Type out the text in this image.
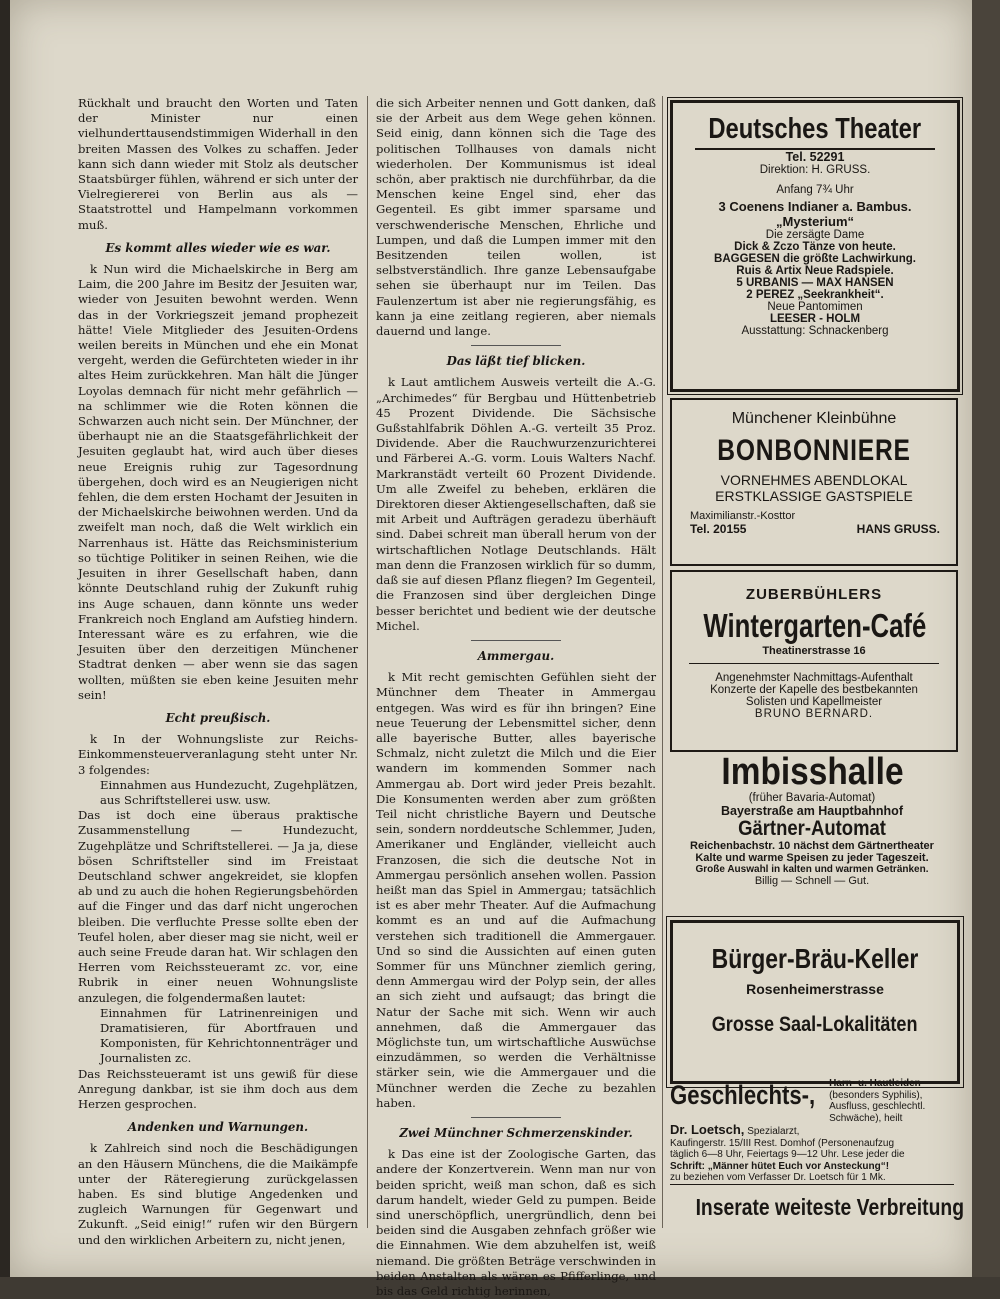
Rückhalt und braucht den Worten und Taten der Minister nur einen vielhunderttausendstimmigen Widerhall in den breiten Massen des Volkes zu schaffen. Jeder kann sich dann wieder mit Stolz als deutscher Staatsbürger fühlen, während er sich unter der Vielregiererei von Berlin aus als — Staatstrottel und Hampelmann vorkommen muß.

Es kommt alles wieder wie es war.

k Nun wird die Michaelskirche in Berg am Laim, die 200 Jahre im Besitz der Jesuiten war, wieder von Jesuiten bewohnt werden. Wenn das in der Vorkriegszeit jemand prophezeit hätte! Viele Mitglieder des Jesuiten-Ordens weilen bereits in München und ehe ein Monat vergeht, werden die Gefürchteten wieder in ihr altes Heim zurückkehren. Man hält die Jünger Loyolas demnach für nicht mehr gefährlich — na schlimmer wie die Roten können die Schwarzen auch nicht sein. Der Münchner, der überhaupt nie an die Staatsgefährlichkeit der Jesuiten geglaubt hat, wird auch über dieses neue Ereignis ruhig zur Tagesordnung übergehen, doch wird es an Neugierigen nicht fehlen, die dem ersten Hochamt der Jesuiten in der Michaelskirche beiwohnen werden. Und da zweifelt man noch, daß die Welt wirklich ein Narrenhaus ist. Hätte das Reichsministerium so tüchtige Politiker in seinen Reihen, wie die Jesuiten in ihrer Gesellschaft haben, dann könnte Deutschland ruhig der Zukunft ruhig ins Auge schauen, dann könnte uns weder Frankreich noch England am Aufstieg hindern. Interessant wäre es zu erfahren, wie die Jesuiten über den derzeitigen Münchener Stadtrat denken — aber wenn sie das sagen wollten, müßten sie eben keine Jesuiten mehr sein!

Echt preußisch.

k In der Wohnungsliste zur Reichs-Einkommensteuerveranlagung steht unter Nr. 3 folgendes:

Einnahmen aus Hundezucht, Zugehplätzen, aus Schriftstellerei usw. usw.

Das ist doch eine überaus praktische Zusammenstellung — Hundezucht, Zugehplätze und Schriftstellerei. — Ja ja, diese bösen Schriftsteller sind im Freistaat Deutschland schwer angekreidet, sie klopfen ab und zu auch die hohen Regierungsbehörden auf die Finger und das darf nicht ungerochen bleiben. Die verfluchte Presse sollte eben der Teufel holen, aber dieser mag sie nicht, weil er auch seine Freude daran hat. Wir schlagen den Herren vom Reichssteueramt zc. vor, eine Rubrik in einer neuen Wohnungsliste anzulegen, die folgendermaßen lautet:

Einnahmen für Latrinenreinigen und Dramatisieren, für Abortfrauen und Komponisten, für Kehrichtonnenträger und Journalisten zc.

Das Reichssteueramt ist uns gewiß für diese Anregung dankbar, ist sie ihm doch aus dem Herzen gesprochen.

Andenken und Warnungen.

k Zahlreich sind noch die Beschädigungen an den Häusern Münchens, die die Maikämpfe unter der Räteregierung zurückgelassen haben. Es sind blutige Angedenken und zugleich Warnungen für Gegenwart und Zukunft. „Seid einig!“ rufen wir den Bürgern und den wirklichen Arbeitern zu, nicht jenen,

die sich Arbeiter nennen und Gott danken, daß sie der Arbeit aus dem Wege gehen können. Seid einig, dann können sich die Tage des politischen Tollhauses von damals nicht wiederholen. Der Kommunismus ist ideal schön, aber praktisch nie durchführbar, da die Menschen keine Engel sind, eher das Gegenteil. Es gibt immer sparsame und verschwenderische Menschen, Ehrliche und Lumpen, und daß die Lumpen immer mit den Besitzenden teilen wollen, ist selbstverständlich. Ihre ganze Lebensaufgabe sehen sie überhaupt nur im Teilen. Das Faulenzertum ist aber nie regierungsfähig, es kann ja eine zeitlang regieren, aber niemals dauernd und lange.

Das läßt tief blicken.

k Laut amtlichem Ausweis verteilt die A.-G. „Archimedes“ für Bergbau und Hüttenbetrieb 45 Prozent Dividende. Die Sächsische Gußstahlfabrik Döhlen A.-G. verteilt 35 Proz. Dividende. Aber die Rauchwurzenzurichterei und Färberei A.-G. vorm. Louis Walters Nachf. Markranstädt verteilt 60 Prozent Dividende. Um alle Zweifel zu beheben, erklären die Direktoren dieser Aktiengesellschaften, daß sie mit Arbeit und Aufträgen geradezu überhäuft sind. Dabei schreit man überall herum von der wirtschaftlichen Notlage Deutschlands. Hält man denn die Franzosen wirklich für so dumm, daß sie auf diesen Pflanz fliegen? Im Gegenteil, die Franzosen sind über dergleichen Dinge besser berichtet und bedient wie der deutsche Michel.

Ammergau.

k Mit recht gemischten Gefühlen sieht der Münchner dem Theater in Ammergau entgegen. Was wird es für ihn bringen? Eine neue Teuerung der Lebensmittel sicher, denn alle bayerische Butter, alles bayerische Schmalz, nicht zuletzt die Milch und die Eier wandern im kommenden Sommer nach Ammergau ab. Dort wird jeder Preis bezahlt. Die Konsumenten werden aber zum größten Teil nicht christliche Bayern und Deutsche sein, sondern norddeutsche Schlemmer, Juden, Amerikaner und Engländer, vielleicht auch Franzosen, die sich die deutsche Not in Ammergau persönlich ansehen wollen. Passion heißt man das Spiel in Ammergau; tatsächlich ist es aber mehr Theater. Auf die Aufmachung kommt es an und auf die Aufmachung verstehen sich traditionell die Ammergauer. Und so sind die Aussichten auf einen guten Sommer für uns Münchner ziemlich gering, denn Ammergau wird der Polyp sein, der alles an sich zieht und aufsaugt; das bringt die Natur der Sache mit sich. Wenn wir auch annehmen, daß die Ammergauer das Möglichste tun, um wirtschaftliche Auswüchse einzudämmen, so werden die Verhältnisse stärker sein, wie die Ammergauer und die Münchner werden die Zeche zu bezahlen haben.

Zwei Münchner Schmerzenskinder.

k Das eine ist der Zoologische Garten, das andere der Konzertverein. Wenn man nur von beiden spricht, weiß man schon, daß es sich darum handelt, wieder Geld zu pumpen. Beide sind unerschöpflich, unergründlich, denn bei beiden sind die Ausgaben zehnfach größer wie die Einnahmen. Wie dem abzuhelfen ist, weiß niemand. Die größten Beträge verschwinden in beiden Anstalten als wären es Pfifferlinge, und bis das Geld richtig herinnen,

Deutsches Theater
Tel. 52291
Direktion: H. GRUSS.
Anfang 7¾ Uhr
3 Coenens Indianer a. Bambus.
„Mysterium“
Die zersägte Dame
Dick & Zczo Tänze von heute.
BAGGESEN die größte Lachwirkung.
Ruis & Artix Neue Radspiele.
5 URBANIS — MAX HANSEN
2 PEREZ „Seekrankheit“.
Neue Pantomimen
LEESER - HOLM
Ausstattung: Schnackenberg
Münchener Kleinbühne
BONBONNIERE
VORNEHMES ABENDLOKAL
ERSTKLASSIGE GASTSPIELE
Maximilianstr.-Kosttor
Tel. 20155	HANS GRUSS.
ZUBERBÜHLERS
Wintergarten-Café
Theatinerstrasse 16
Angenehmster Nachmittags-Aufenthalt
Konzerte der Kapelle des bestbekannten
Solisten und Kapellmeister
BRUNO BERNARD.
Imbisshalle
(früher Bavaria-Automat)
Bayerstraße am Hauptbahnhof
Gärtner-Automat
Reichenbachstr. 10 nächst dem Gärtnertheater
Kalte und warme Speisen zu jeder Tageszeit.
Große Auswahl in kalten und warmen Getränken.
Billig — Schnell — Gut.
Bürger-Bräu-Keller
Rosenheimerstrasse
Grosse Saal-Lokalitäten
Geschlechts-,	Harn- u. Hautleiden
(besonders Syphilis),
Ausfluss, geschlechtl.
Schwäche), heilt
Dr. Loetsch, Spezialarzt,
Kaufingerstr. 15/III Rest. Domhof (Personenaufzug
täglich 6—8 Uhr, Feiertags 9—12 Uhr. Lese jeder die
Schrift: „Männer hütet Euch vor Ansteckung“!
zu beziehen vom Verfasser Dr. Loetsch für 1 Mk.
Inserate weiteste Verbreitung
